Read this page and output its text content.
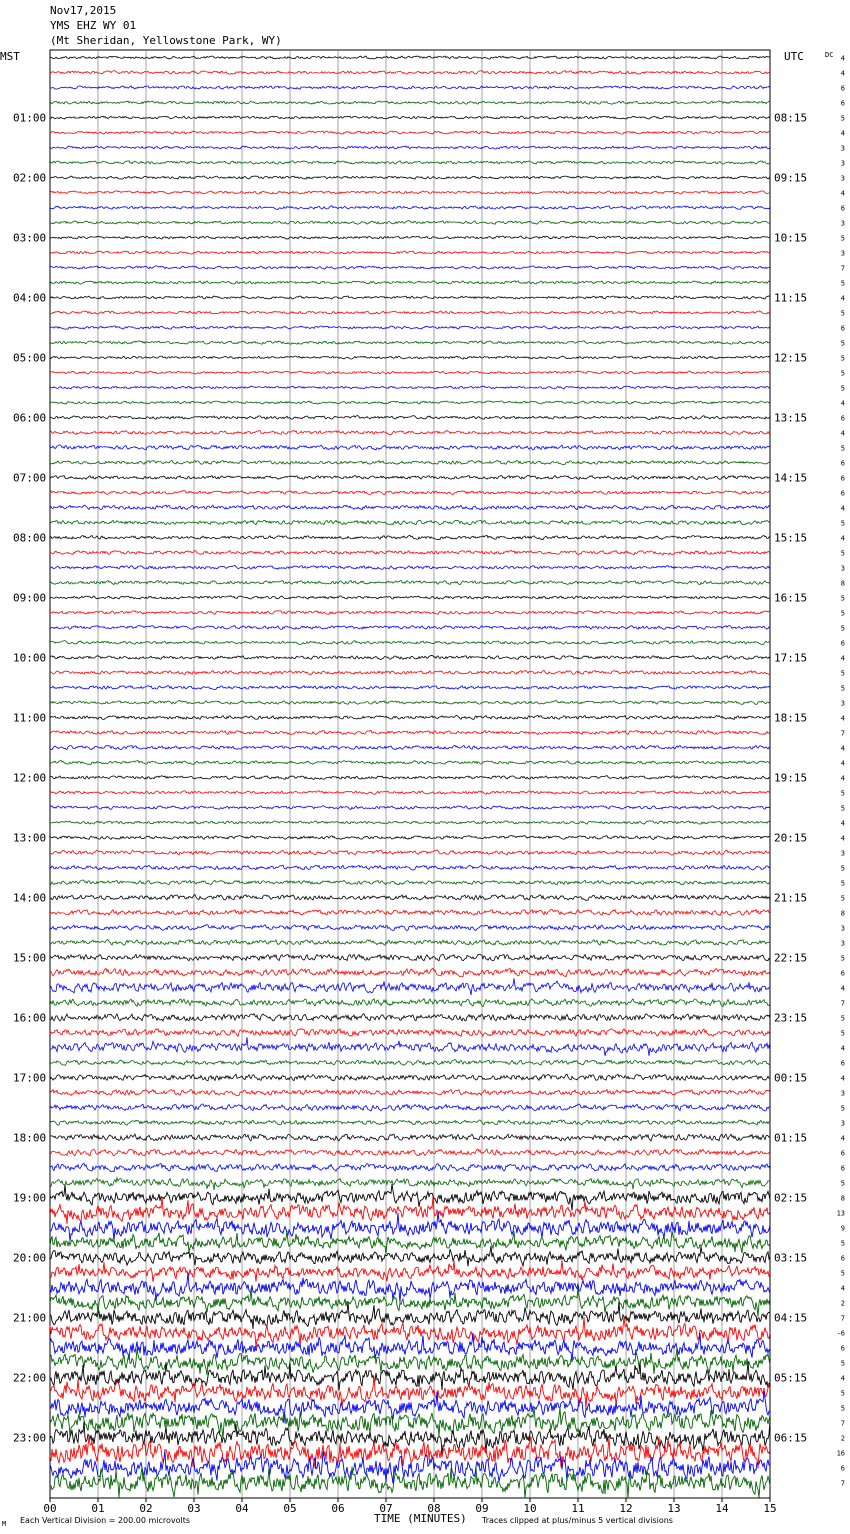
Nov17,2015
YMS EHZ WY 01
(Mt Sheridan, Yellowstone Park, WY)
01:00
02:00
03:00
04:00
05:00
06:00
07:00
08:00
09:00
10:00
11:00
12:00
13:00
14:00
15:00
16:00
17:00
18:00
19:00
20:00
21:00
22:00
23:00
08:15
09:15
10:15
11:15
12:15
13:15
14:15
15:15
16:15
17:15
18:15
19:15
20:15
21:15
22:15
23:15
00:15
01:15
02:15
03:15
04:15
05:15
06:15
4
4
6
6
5
4
3
3
3
4
6
3
5
3
7
5
4
5
6
5
5
5
5
4
6
4
5
6
6
6
4
5
4
5
3
8
5
5
5
6
4
5
5
3
4
7
4
4
4
5
5
4
4
3
5
5
5
8
3
3
5
6
4
7
5
5
4
6
4
3
5
3
4
6
6
5
8
13
9
5
6
5
4
2
7
-6
6
5
4
5
5
7
2
16
6
7
00	01	02	03	04	05	06	07	08	09	10	11	12	13	14	15
MST	UTC	DC
TIME (MINUTES)
Each Vertical Division = 200.00 microvolts	Traces clipped at plus/minus 5 vertical divisions
M
